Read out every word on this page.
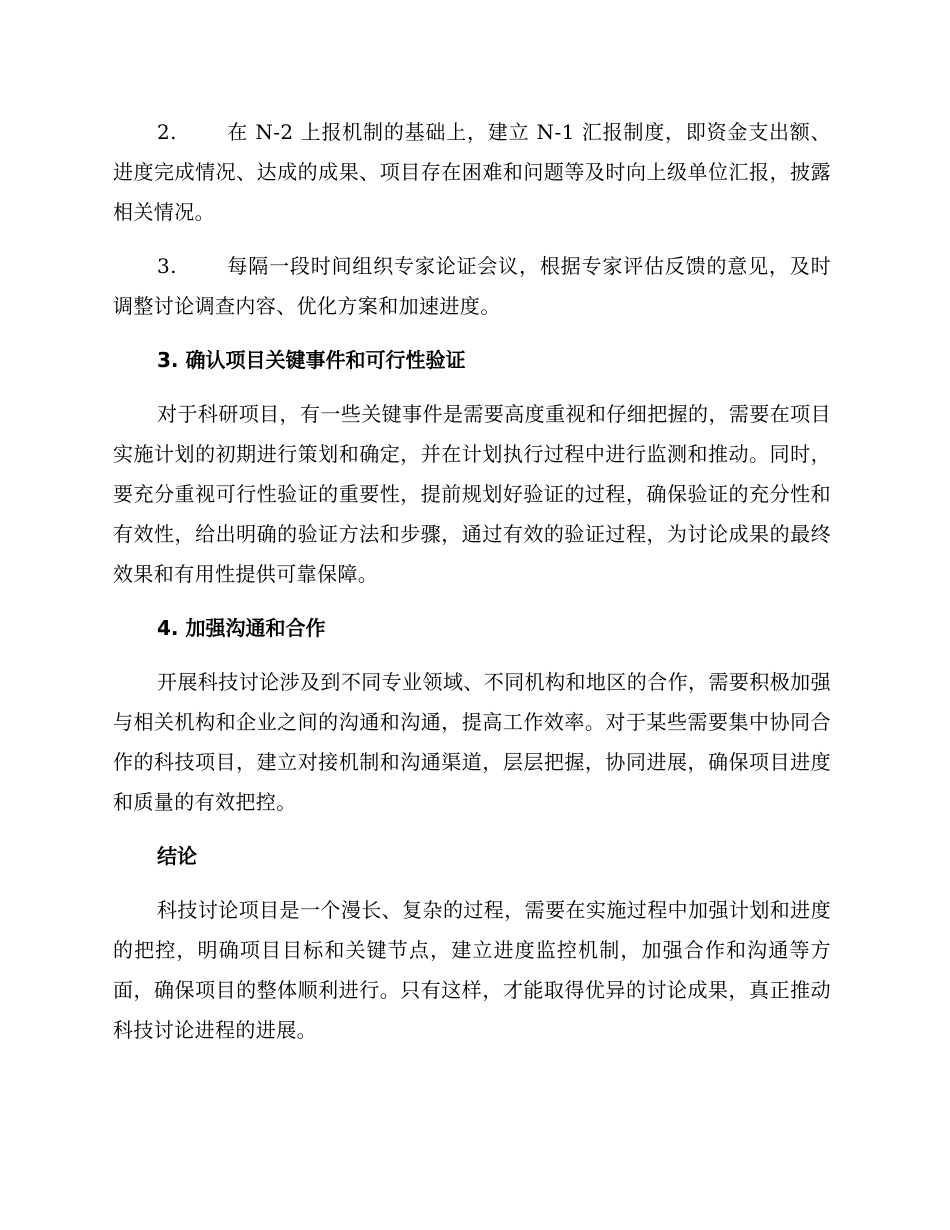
2.	在 N-2 上报机制的基础上，建立 N-1 汇报制度，即资金支出额、进度完成情况、达成的成果、项目存在困难和问题等及时向上级单位汇报，披露相关情况。

3.	每隔一段时间组织专家论证会议，根据专家评估反馈的意见，及时调整讨论调查内容、优化方案和加速进度。

3. 确认项目关键事件和可行性验证

对于科研项目，有一些关键事件是需要高度重视和仔细把握的，需要在项目实施计划的初期进行策划和确定，并在计划执行过程中进行监测和推动。同时，要充分重视可行性验证的重要性，提前规划好验证的过程，确保验证的充分性和有效性，给出明确的验证方法和步骤，通过有效的验证过程，为讨论成果的最终效果和有用性提供可靠保障。

4. 加强沟通和合作

开展科技讨论涉及到不同专业领域、不同机构和地区的合作，需要积极加强与相关机构和企业之间的沟通和沟通，提高工作效率。对于某些需要集中协同合作的科技项目，建立对接机制和沟通渠道，层层把握，协同进展，确保项目进度和质量的有效把控。

结论

科技讨论项目是一个漫长、复杂的过程，需要在实施过程中加强计划和进度的把控，明确项目目标和关键节点，建立进度监控机制，加强合作和沟通等方面，确保项目的整体顺利进行。只有这样，才能取得优异的讨论成果，真正推动科技讨论进程的进展。
